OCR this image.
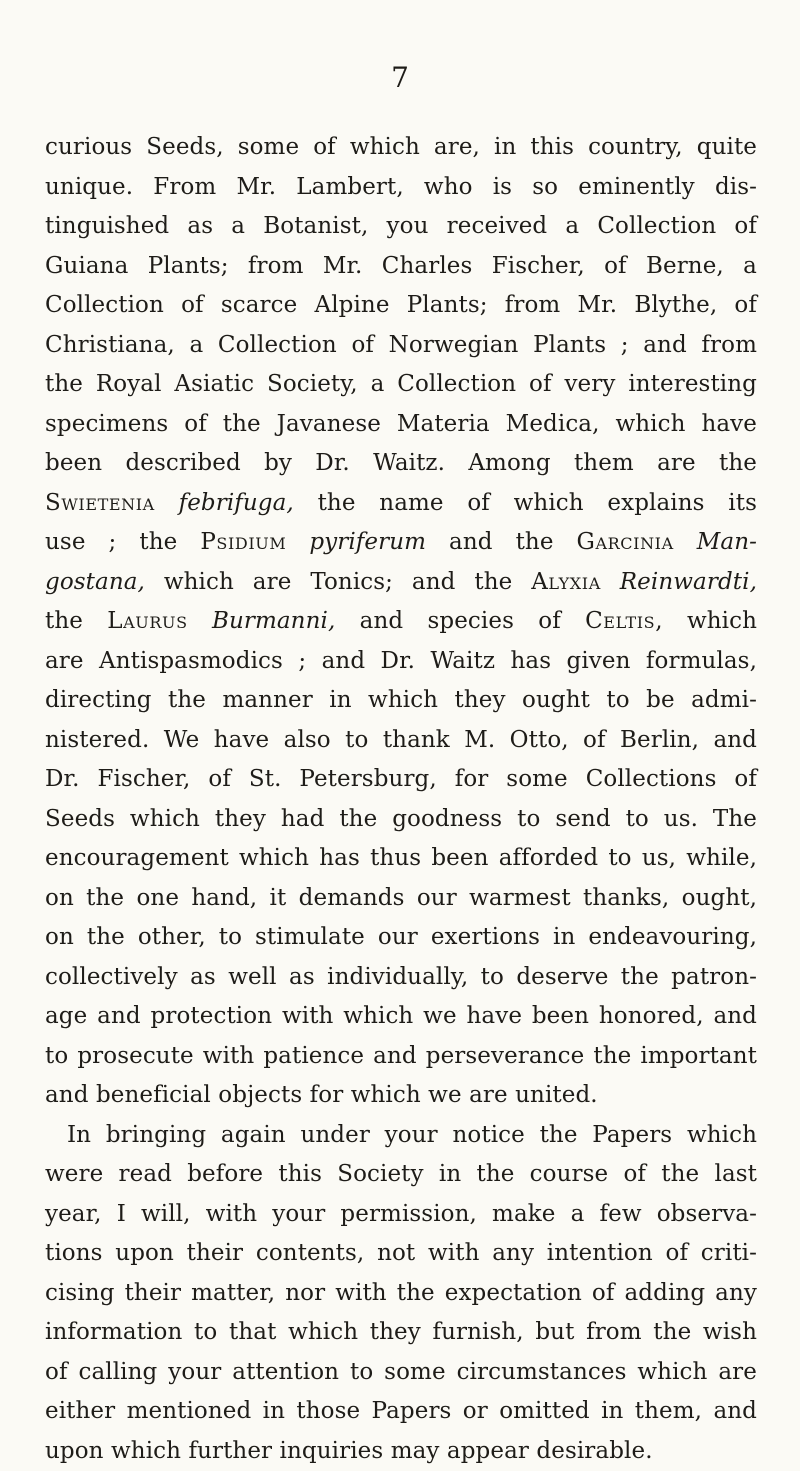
7
curious Seeds, some of which are, in this country, quite
unique. From Mr. Lambert, who is so eminently dis-
tinguished as a Botanist, you received a Collection of
Guiana Plants; from Mr. Charles Fischer, of Berne, a
Collection of scarce Alpine Plants; from Mr. Blythe, of
Christiana, a Collection of Norwegian Plants ; and from
the Royal Asiatic Society, a Collection of very interesting
specimens of the Javanese Materia Medica, which have
been described by Dr. Waitz. Among them are the
Swietenia febrifuga, the name of which explains its
use ; the Psidium pyriferum and the Garcinia Man-
gostana, which are Tonics; and the Alyxia Reinwardti,
the Laurus Burmanni, and species of Celtis, which
are Antispasmodics ; and Dr. Waitz has given formulas,
directing the manner in which they ought to be admi-
nistered. We have also to thank M. Otto, of Berlin, and
Dr. Fischer, of St. Petersburg, for some Collections of
Seeds which they had the goodness to send to us. The
encouragement which has thus been afforded to us, while,
on the one hand, it demands our warmest thanks, ought,
on the other, to stimulate our exertions in endeavouring,
collectively as well as individually, to deserve the patron-
age and protection with which we have been honored, and
to prosecute with patience and perseverance the important
and beneficial objects for which we are united.
In bringing again under your notice the Papers which
were read before this Society in the course of the last
year, I will, with your permission, make a few observa-
tions upon their contents, not with any intention of criti-
cising their matter, nor with the expectation of adding any
information to that which they furnish, but from the wish
of calling your attention to some circumstances which are
either mentioned in those Papers or omitted in them, and
upon which further inquiries may appear desirable.
